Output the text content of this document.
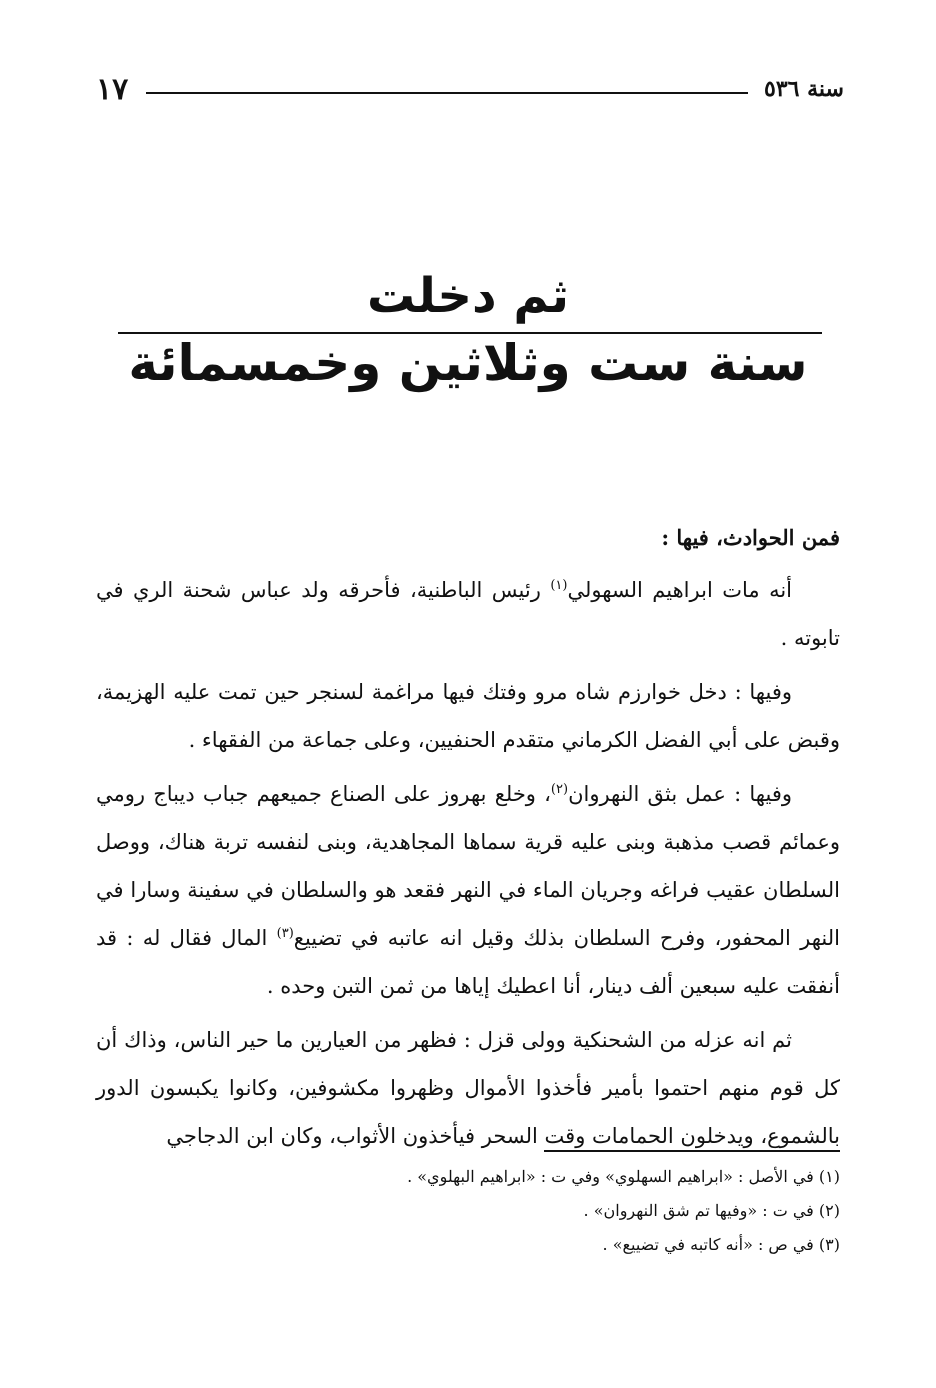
سنة ٥٣٦
١٧
ثم دخلت
سنة ست وثلاثين وخمسمائة

فمن الحوادث، فيها :

أنه مات ابراهيم السهولي$^{(١)}$ رئيس الباطنية، فأحرقه ولد عباس شحنة الري في تابوته .

وفيها : دخل خوارزم شاه مرو وفتك فيها مراغمة لسنجر حين تمت عليه الهزيمة، وقبض على أبي الفضل الكرماني متقدم الحنفيين، وعلى جماعة من الفقهاء .

وفيها : عمل بثق النهروان$^{(٢)}$، وخلع بهروز على الصناع جميعهم جباب ديباج رومي وعمائم قصب مذهبة وبنى عليه قرية سماها المجاهدية، وبنى لنفسه تربة هناك، ووصل السلطان عقيب فراغه وجريان الماء في النهر فقعد هو والسلطان في سفينة وسارا في النهر المحفور، وفرح السلطان بذلك وقيل انه عاتبه في تضييع$^{(٣)}$ المال فقال له : قد أنفقت عليه سبعين ألف دينار، أنا اعطيك إياها من ثمن التبن وحده .

ثم انه عزله من الشحنكية وولى قزل : فظهر من العيارين ما حير الناس، وذاك أن كل قوم منهم احتموا بأمير فأخذوا الأموال وظهروا مكشوفين، وكانوا يكبسون الدور بالشموع، ويدخلون الحمامات وقت السحر فيأخذون الأثواب، وكان ابن الدجاجي

(١) في الأصل : «ابراهيم السهلوي» وفي ت : «ابراهيم البهلوي» .

(٢) في ت : «وفيها تم شق النهروان» .

(٣) في ص : «أنه كاتبه في تضييع» .
